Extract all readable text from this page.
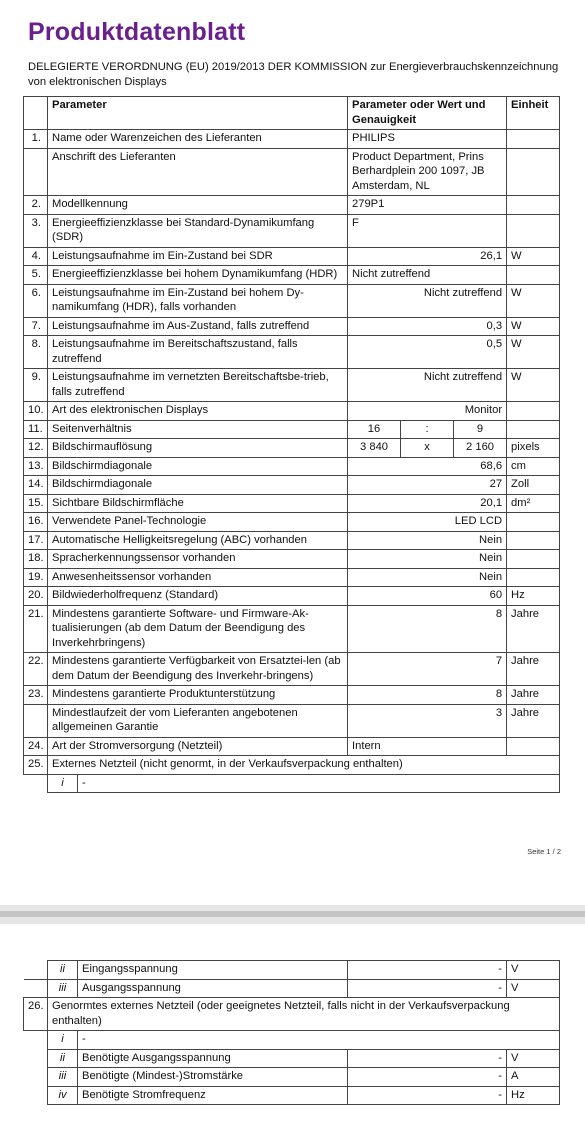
Produktdatenblatt
DELEGIERTE VERORDNUNG (EU) 2019/2013 DER KOMMISSION zur Energieverbrauchskennzeichnung von elektronischen Displays
	Parameter		Parameter oder Wert und Genauigkeit			Einheit
1.	Name oder Warenzeichen des Lieferanten		PHILIPS			
	Anschrift des Lieferanten		Product Department, Prins Berhardplein 200 1097, JB Amsterdam, NL			
2.	Modellkennung		279P1			
3.	Energieeffizienzklasse bei Standard-Dynamikumfang (SDR)		F			
4.	Leistungsaufnahme im Ein-Zustand bei SDR		26,1			W
5.	Energieeffizienzklasse bei hohem Dynamikumfang (HDR)		Nicht zutreffend			
6.	Leistungsaufnahme im Ein-Zustand bei hohem Dy-namikumfang (HDR), falls vorhanden		Nicht zutreffend			W
7.	Leistungsaufnahme im Aus-Zustand, falls zutreffend		0,3			W
8.	Leistungsaufnahme im Bereitschaftszustand, falls zutreffend		0,5			W
9.	Leistungsaufnahme im vernetzten Bereitschaftsbe-trieb, falls zutreffend		Nicht zutreffend			W
10.	Art des elektronischen Displays		Monitor			
11.	Seitenverhältnis		16	:	9	
12.	Bildschirmauflösung		3 840	x	2 160	pixels
13.	Bildschirmdiagonale		68,6			cm
14.	Bildschirmdiagonale		27			Zoll
15.	Sichtbare Bildschirmfläche		20,1			dm²
16.	Verwendete Panel-Technologie		LED LCD			
17.	Automatische Helligkeitsregelung (ABC) vorhanden		Nein			
18.	Spracherkennungssensor vorhanden		Nein			
19.	Anwesenheitssensor vorhanden		Nein			
20.	Bildwiederholfrequenz (Standard)		60			Hz
21.	Mindestens garantierte Software- und Firmware-Ak-tualisierungen (ab dem Datum der Beendigung des Inverkehrbringens)		8			Jahre
22.	Mindestens garantierte Verfügbarkeit von Ersatztei-len (ab dem Datum der Beendigung des Inverkehr-bringens)		7			Jahre
23.	Mindestens garantierte Produktunterstützung		8			Jahre
	Mindestlaufzeit der vom Lieferanten angebotenen allgemeinen Garantie		3			Jahre
24.	Art der Stromversorgung (Netzteil)		Intern			
25.	Externes Netzteil (nicht genormt, in der Verkaufsverpackung enthalten)					
	i	-				
Seite 1 / 2
	ii	Eingangsspannung	-	V
	iii	Ausgangsspannung	-	V
26.	Genormtes externes Netzteil (oder geeignetes Netzteil, falls nicht in der Verkaufsverpackung enthalten)			
	i	-		
	ii	Benötigte Ausgangsspannung	-	V
	iii	Benötigte (Mindest-)Stromstärke	-	A
	iv	Benötigte Stromfrequenz	-	Hz
